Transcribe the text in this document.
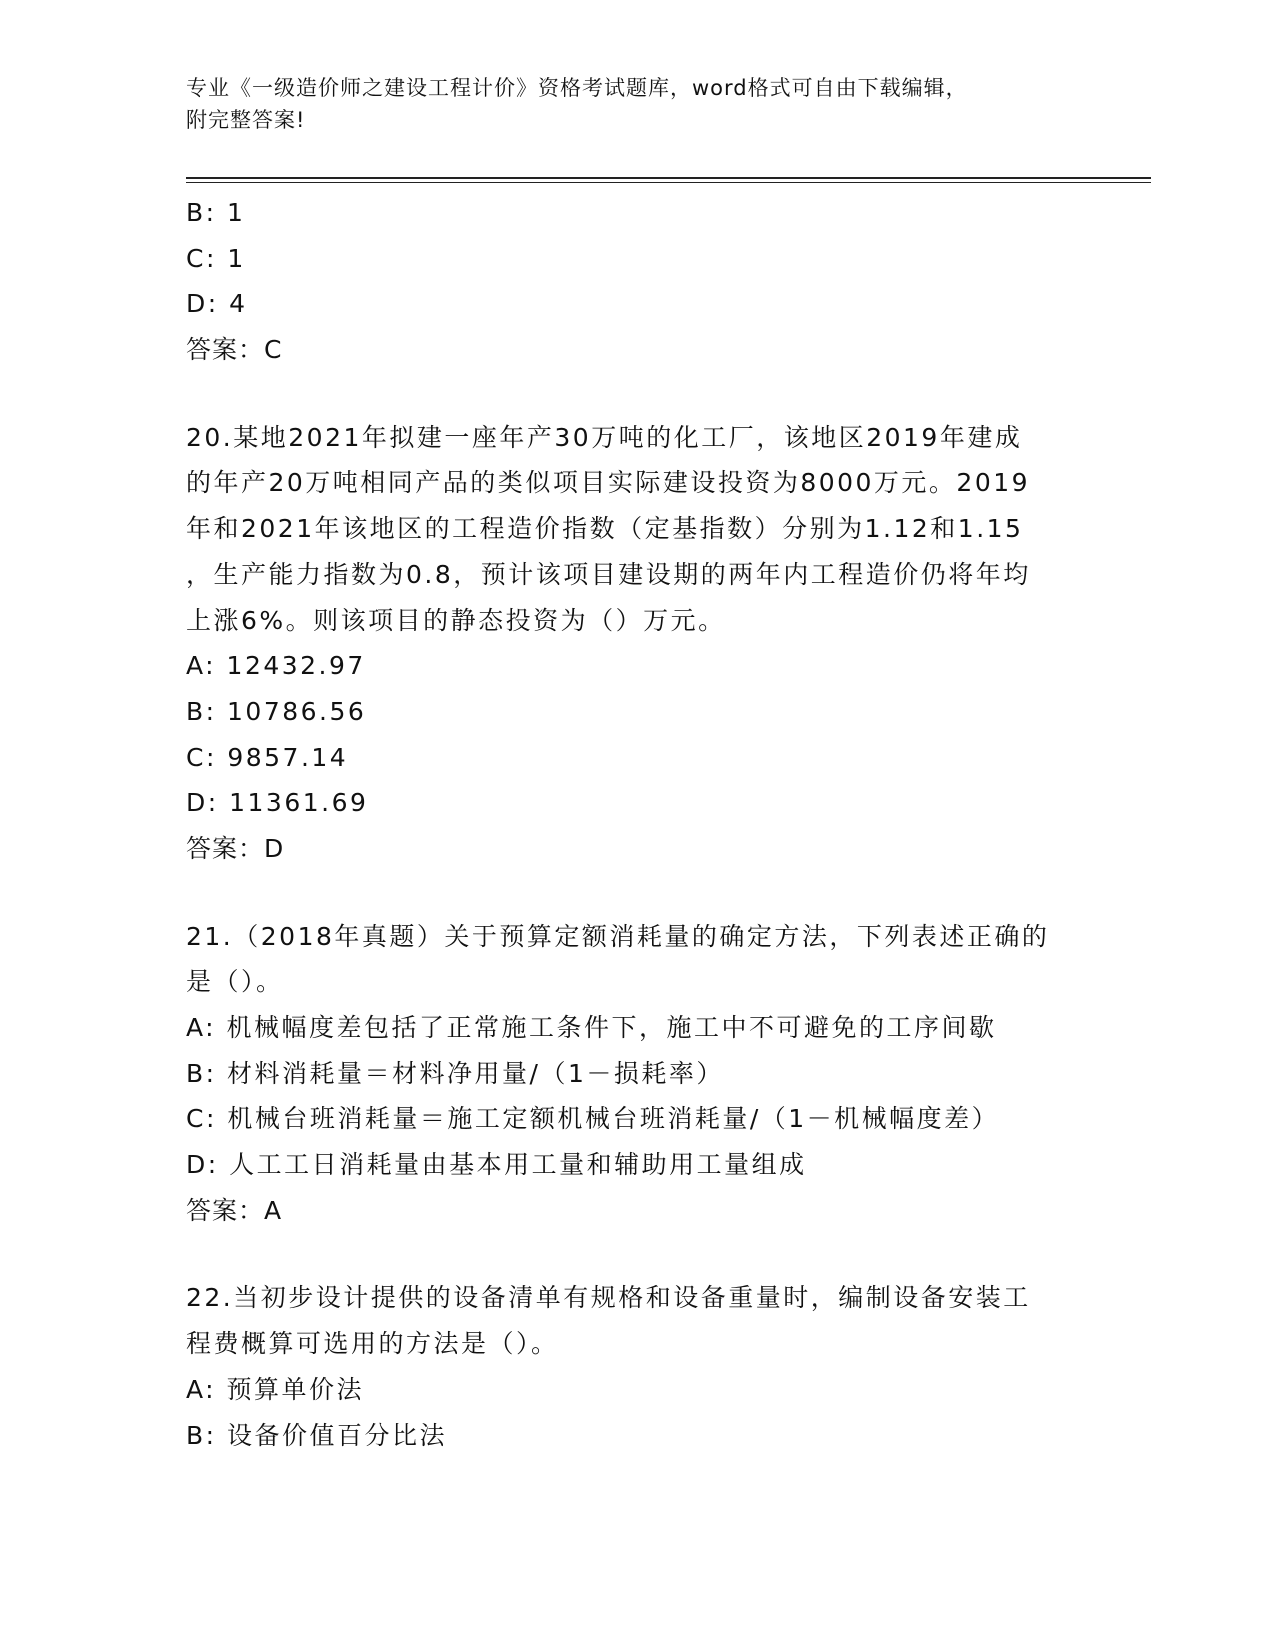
专业《一级造价师之建设工程计价》资格考试题库，word格式可自由下载编辑，

附完整答案!

B: 1
C: 1
D: 4
答案：C
20.某地2021年拟建一座年产30万吨的化工厂，该地区2019年建成
的年产20万吨相同产品的类似项目实际建设投资为8000万元。2019
年和2021年该地区的工程造价指数（定基指数）分别为1.12和1.15
，生产能力指数为0.8，预计该项目建设期的两年内工程造价仍将年均
上涨6%。则该项目的静态投资为（）万元。
A: 12432.97
B: 10786.56
C: 9857.14
D: 11361.69
答案：D
21.（2018年真题）关于预算定额消耗量的确定方法，下列表述正确的
是（）。
A: 机械幅度差包括了正常施工条件下，施工中不可避免的工序间歇
B: 材料消耗量＝材料净用量/（1－损耗率）
C: 机械台班消耗量＝施工定额机械台班消耗量/（1－机械幅度差）
D: 人工工日消耗量由基本用工量和辅助用工量组成
答案：A
22.当初步设计提供的设备清单有规格和设备重量时，编制设备安装工
程费概算可选用的方法是（）。
A: 预算单价法
B: 设备价值百分比法
